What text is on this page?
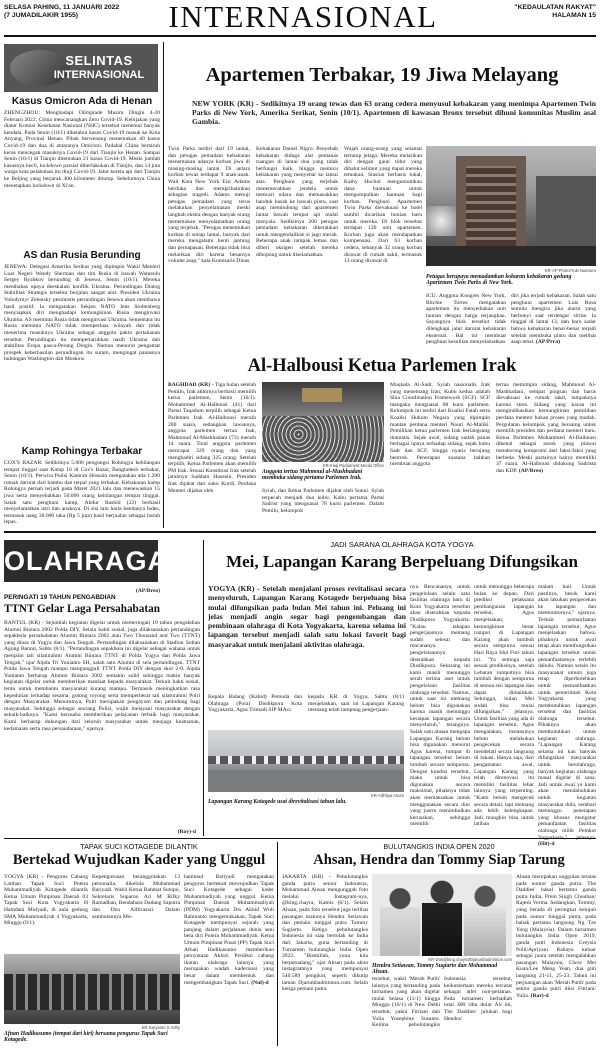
SELASA PAHING, 11 JANUARI 2022
(7 JUMADILAKIR 1955)	INTERNASIONAL	"KEDAULATAN RAKYAT"
HALAMAN 15
SELINTAS
INTERNASIONAL
Kasus Omicron Ada di Henan
ZHENGZHOU: Menghadapi Olimpiade Musim Dingin 4-20 Februari 2022, China mencanangkan Zero Covid-19. Kebijakan yang diatur Komisi Kesehatan Nasional (NHC) tersebut menemui banyak kendala. Pada Senin (10/1) diketahui kasus Covid-19 masuk ke Kota Anyang, Provinsi Henan. Pihak berwenang menemukan 40 kasus Covid-19 dan dua di antaranya Omicron. Padahal China bertaruh keras mencegah masuknya Covid-19 dari Tianjin ke Henan. Sampai Senin (10/1) di Tianjin ditemukan 21 kasus Covid-19. Meski jumlah kasusnya kecil, lockdown parsial diberlakukan di Tianjin, dan 14 juta warga kota pelabuhan itu diuji Covid-19. Jalur kereta api dari Tianjin ke Beijing yang berjarak 400 kilometer ditutup. Sebelumnya China menetapkan lockdown di Xi'an.
AS dan Rusia Berunding
JENEWA: Delegasi Amerika Serikat yang dipimpin Wakil Menteri Luar Negeri Wendy Sherman dan tim Rusia di bawah Wamenlu Sergey Ryabkov berunding di Jenewa, Senin (10/1). Mereka membahas upaya deeskalasi konflik Ukraina. Perundingan Dialog Stabilitas Strategis tersebut berjalan sangat alot. Presiden Ukraina Volodymyr Zelensky pesimistis perundingan Jenewa akan membawa hasil positif. Ia mengatakan Sekjen NATO Jens Stoltenberg menyiapkan diri menghadapi kemungkinan Rusia menginvasi Ukraina. AS meminta Rusia tidak menginvasi Ukraina. Sementara itu Rusia meminta NATO tidak memperluas wilayah dan tidak menerima masuknya Ukraina sebagai anggota pakta pertahanan tersebut. Perundingan itu mempertaruhkan nasib Ukraina dan stabilitas Eropa pasca-Perang Dingin. Namun menurut pengamat prospek keberhasilan perundingan itu suram, mengingat panasnya hubungan Washington dan Moskow.
Kamp Rohingya Terbakar
COX'S BAZAR: Sedikitnya 5.000 pengungsi Rohingya kehilangan tempat tinggal saat Kamp 16 di Cox's Bazar, Bangladesh terbakar, Senin (10/1). Perwira Polisi Kamran Hossain mengatakan ada 1.200 rumah darurat dari bambu dan terpal yang terbakar. Kebakaran kamp Rohingya pernah terjadi pada Maret 2021 lalu dan menewaskan 15 jiwa serta menyebabkan 50.000 orang kehilangan tempat tinggal. Salah satu penghuni kamp, Abdur Rashid (22) berhasil menyelamatkan istri dan anaknya. Di sisi lain harta bendanya ludes, termasuk uang 30.000 taka (Rp 5 juta) hasil berjualan sebagai buruh lepas.
(AP/Breo)
Apartemen Terbakar, 19 Jiwa Melayang
NEW YORK (KR) - Sedikitnya 19 orang tewas dan 63 orang cedera menyusul kebakaran yang menimpa Apartemen Twin Parks di New York, Amerika Serikat, Senin (10/1). Apartemen di kawasan Bronx tersebut dihuni komunitas Muslim asal Gambia.
Twin Parks terdiri dari 19 lantai, dan petugas pemadam kebakaran menemukan adanya korban jiwa di masing-masing lantai. Di antara korban tewas terdapat 9 anak-anak. Wali Kota New York Eric Adams berduka dan memprihatinkan sebagian tragedi. Adams menuji petugas pemadam yang terus melakukan penyelamatan meski langkah ekstra dengan banyak orang menemukan menyelamatkan orang yang terjebak. "Petugas menemukan korban di setiap lantai, banyak dari mereka mengalami henti jantung dan pernapasan. Beberapa tidak bisa melarikan diri karena besarnya volume asap," kata Komisaris Dinas
Kebakaran Daniel Nigro. Penyebab kebakaran diduga alat pemanas ruangan di lantai dua yang tidak berfungsi baik, hingga memicu kebakaran yang menyebar ke lantai atas. Penghuni yang terjebak menemecahkan jendela untuk mencari udara dan memasukkan handuk basah ke bawah pintu, saat asap membubung dari apartemen lantai bawah tempat api mulai menyala. Sedikitnya 200 petugas pemadam kebakaran dikerahkan untuk mengendalikan si jago merah. Beberapa anak tampak lemas dan diberi oksigen setelah mereka dibopong untuk diselamatkan.
Wajah orang-orang yang selamat tertutup jelaga. Mereka melarikan diri dengan gaun tidur yang dibalut selimut yang dapat mereka temukan. Stasiun berbasis lokal, Kathy Hochul mengumumkan dana bantuan untuk mengumpulkan bantuan bagi korban. Penghuni Apartemen Twin Parks dievakuasi ke hotel sambil dicarikan hunian baru untuk mereka. Di blok tersebut terdapat 120 unit apartemen. Korban juga akan mendapatkan kompensasi. Dari 63 korban cedera, sebanyak 32 orang korban dirawat di rumah sakit, termasuk 13 orang dirawat di
KR-AP Photo/Yuki Iwamura
Petugas berupaya memadamkan kobaran kebakaran gedung Apartemen Twin Parks di New York.
ICU. Anggota Kongres New York, Ritchie Torres mengatakan apartemen itu menyediakan unit hunian dengan harga terjangkau. Sayangnya blok tersebut tidak dilengkapi jalur darurat kebakaran eksternal. Hal ini membuat penghuni kesulitan menyelamatkan
diri jika terjadi kebakaran. Salah satu penghuni apartemen Luis Rosa semula mengira jika alarm yang berbunyi saat terdengar sirine. Ia tinggal di lantai 13, dan baru sadar bahwa kebakaran benar-benar terjadi setelah membuka pintu dan melihat asap tebal. (AP/Prra)
Al-Halbousi Ketua Parlemen Irak
BAGHDAD (KR) - Tiga bulan setelah Pemilu, Irak akhirnya berhasil memilih ketua parlemen, Senin (10/1). Mohammed Al-Halbousi (41) dari Partai Taqadum terpilih sebagai Ketua Parlemen Irak. Al-Halbousi meraih 200 suara, sedangkan lawannya, anggota parlemen tertua Irak, Mahmoud Al-Mashhadani (73) meraih 14 suara. Total anggota parlemen mencapai 329 orang dan yang menghadiri sidang 325 orang. Setelah terpilih, Ketua Parlemen akan memilih PM Irak. Sesuai Konstitusi Irak setelah jatuhnya Saddam Hussein, Presiden Irak dijabat dari suku Kurdi, Perdana Menteri dijabat oleh
KR-Iraqi Parliament Media Office
Anggota tertua Mahmoud al-Mashhadani membuka sidang pertama Parlemen Irak.
Syiah, dan Ketua Parlemen dijabat oleh Sunni. Syiah terpecah menjadi dua kubu. Kubu pertama Partai Sadrist yang menguasai 78 kursi parlemen. Dalam Pemilu, kelompok
Moqtada Al-Sadr, Syiah nasionalis Irak yang menentang Iran, Kubu kedua adalah Shia Coordination Framework (SCF). SCF mengaku menguasai 88 kursi parlemen. Kelompok ini terdiri dari Koalisi Fatah serta Koalisi Hukum Negara yang dipimpin mantan perdana menteri Nouri Al-Maliki. Pemilihan ketua parlemen Irak berlangsung dramatis. Sejak awal, sidang sudah panas berbagai upaya terhadap sidang, sejak kubu Sadr dan SCF, hingga nyaris berujung bentrok. Penerapan suasana bahkan membuat anggota
tertua memimpin sidang, Mahmoud Al-Mashhadani, sempat pingsan dan harus dievakuasi ke rumah sakit, tampaknya karena stres. Sidang yang kacau itu mengindikasikan kemungkinan pemilihan perdana menteri bukan proses yang mudah. Pergulatan kelompok yang bersaing untuk memilih presiden dan perdana menteri baru. Ketua Parlemen Mohammed Al-Halbousi dikenal sebagai sosok yang piawai mendorong kompromi dari faksi-faksi yang berbeda. Meski partainya hanya memiliki 37 suara, Al-Halbousi didukung Sadrista dan KDP. (AP/Breo)
OLAHRAGA
PERINGATI 19 TAHUN PENGABDIAN
TTNT Gelar Laga Persahabatan
BANTUL (KR) - Sejumlah kegiatan digelar untuk memeringati 19 tahun pengabdian Alumni Bintara 2002 Polda DIY. Selain bakti sosial, juga dilaksanakan pertandingan sepakbola persahabatan Alumni Bintara 2002 atau Two Thousand and Two (TTNT) yang dinas di Yogya dan Jawa Tengah. Pertandingan dilaksanakan di Stadion Sultan Agung Bantul, Sabtu (8/1). "Pertandingan sepakbola ini digelar sebagai wahana untuk menjalin tali silaturahmi Alumni Bintara TTNT di Polda Yogya dan Polda Jawa Tengah," ujar Aipda Tri Yunianto SH, salah satu Alumni di sela pertandingan. TTNT Polda Jawa Tengah mampu mengungguli TTNT Polda DIY dengan skor 2-0. Aipda Yunianto berharap Alumni Bintara 2002 semakin solid sehingga makin banyak kegiatan digelar untuk memberikan manfaat kepada masyarakat. Terkait bakti sosial, tentu untuk membantu masyarakat kurang mampu. Termasuk meningkatkan rasa kepedulian terhadap sesama, gotong royong serta memperberat tali silaturahmi Polri dengan Masyarakat. Menurutnya, Polri merupakan pengayom dan pelindung bagi masyarakat. Sehingga sebagai seorang Polisi, wajib melayani masyarakat dengan sebaik-baiknya. "Kami berusaha memberikan pelayanan terbaik bagi masyarakat. Kami berharap dukungan dari seluruh masyarakat untuk menjaga keamanan, kedamaian serta rasa persaudaraan," ujarnya.
(Roy)-d
JADI SARANA OLAHRAGA KOTA YOGYA
Mei, Lapangan Karang Berpeluang Difungsikan
YOGYA (KR) - Setelah menjalani proses revitalisasi secara menyeluruh, Lapangan Karang Kotagede berpeluang bisa mulai difungsikan pada bulan Mei tahun ini. Peluang ini jelas menjadi angin segar bagi pengembangan dan pembinaan olahraga di Kota Yogyakarta, karena selama ini lapangan tersebut menjadi salah satu lokasi favorit bagi masyarakat untuk menjalani aktivitas olahraga.
Kepala Bidang (Kabid) Pemuda dan Olahraga (Pora) Disdikpora Kota Yogyakarta, Agus Trimadi SIP MAcc
kepada KR di Yogya, Sabtu (8/1) menjelaskan, saat ini Lapangan Karang memang telah rampung pengerjaan-
KR-Adhitya Anom
Lapangan Karang Kotagede usai direvitalisasi tahun lalu.
nya. Rencananya, untuk pengelolaan selain satu fasilitas olahraga baru di Kota Yogyakarta tersebut akan diserahkan kepada Disdikpora Yogyakarta. "Kalau tahapan pengerjaannya memang sudah selesai dan rencananya pengelolaannya diserahkan kepada Disdikpora. Sekarang ini kami masih menunggu serah terima aset untuk pengelolaan fasilitas olahraga tersebut. Namun, untuk saat ini memang belum bisa digunakan karena masih menunggu kesiapan lapangan secara menyeluruh," terangnya. Salah satu alasan mengapa Lapangan Karang belum bisa digunakan menurut Agus karena, rumput di lapangan tersebut belum tumbuh secara sempurna. Dengan kondisi tersebut, maka untuk bisa digunakan secara maksimal, pihaknya tidak akan memaksakan untuk menggunakan secara dini yang justru menimbulkan kerusakan, sehingga memilih
untuk menunggu beberapa bulan ke depan. Dari prediksi pelaksana pembangunan lapangan tersebut, Agus menjelaskan, kemungkinan besar rumput di Lapangan Karang akan tumbuh secara sempurna sesuai Hari Raya Idul Fitri tahun ini. "Ya semoga saja sesuai prediksinya, setelah Lebaran rumputnya bisa tumbuh dengan sempurna di semua sisi lapangan dan dapat dimainkan. Sehingga, bulan Mei sudah bisa mulai difungsikan," jelasnya. Untuk fasilitas yang ada di lapangan tersebut, Agus mengatakan, instansinya belum melakukan pengecekan secara mendetail secara langsung di lokasi. Hanya saja, dari pengamatan awal, Lapangan Karang yang telah direnovasi itu memiliki fasilitas lebar lainnya yang terpenting. "Kami belum mengecek secara detail, tapi memang ada lebih kelengkapan. Jadi mungkin bisa untuk latihan
malam hari. Untuk pastinya, besok kami akan lakukan pengecekan ke lapangan dan memonitornya," ujarnya. Terkait pemanfaatan lapangan tersebut, Agus menjelaskan bahwa, pihaknya untuk awal tetap akan memfungsikan lapangan tersebut untuk pemanfaatannya terlebih dahulu. Namun selain itu masyarakat umum juga tetap diperbolehkan untuk memanfaatkan untuk pemerintah Kota Yogyakarta yang membutuhkan lapangan tersebut dan fasilitas olahraga tersebut. Pihaknya akan membutuhkan untuk kegiatan olahraga. "Lapangan Karang selama ini kan banyak difungsikan masyarakat untuk berolahraga, banyak kegiatan olahraga masal digelar di sana. Jadi untuk awal ya kami akan mendahulukan untuk kegiatan masyarakat dulu, sembari menunggu penetapan yang khusus mengatur pemanfaatan fasilitas olahraga milik Pemkot (Hit)-d
TAPAK SUCI KOTAGEDE DILANTIK
Bertekad Wujudkan Kader yang Unggul
YOGYA (KR) - Pengurus Cabang Latihan Tapak Suci Putera Muhammadiyah Kotagede dilantik Ketua Umum Pimpinan Daerah 03 Tapak Suci Kota Yogyakarta H Hamdani Mulyadi, di aula gedung SMA Muhammadiyah 4 Yogyakarta, Minggu (9/1).
Kepengurusan beranggotakan 13 personalia, dikelola Muhammad Bariyadi. Wakil Ketua Rahmat Sutopo, Sekretaris Suparno Ari M Rifky Ramadhan, Bendahara Dadang Saputra dan Dzu Alfitrasari. Dalam sambutannya Mu-
hammad Bariyadi mengatakan pengurus bertekad mewujudkan Tapak Suci Kotagede sebagai kader Muhammadiyah yang unggul. Ketua Pimpinan Daerah Muhammadiyah (PDM) Yogyakarta Drs Akhid Widi Rahmanto mengemukakan, Tapak Suci Kotagede mempunyai sejarah yang panjang dalam perjalanan dunia seni bela diri Putera Muhammadiyah. Ketua Umum Pimpinan Pusat (PP) Tapak Suci Afnan Hadikusumo memberikan pernyataan Akhid. Prediksi cabang ikutan olahraga lainnya yang merupakan wadah kaderisasi yang besar dalam membentuk dan mengembangkan Tapak Suci. (Nul)-d
KR-Saryanto S Adhy
Afnan Hadikusumo (tempat dari kiri) bersama pengurus Tapak Suci Kotagede.
BULUTANGKIS INDIA OPEN 2020
Ahsan, Hendra dan Tommy Siap Tarung
JAKARTA (KR) - Pebulutangkis ganda putra senior Indonesia, Mohammad Ahsan mengunggah foto melalui Instagram-nya, @king.chayra, Kamis (6/1). Selain Ahsan, pada foto tersebut juga terlihat pasangan mainnya Hendra Setiawan dan pemain tunggal putra Tommy Sugiarto. Ketiga pebulutangkis Indonesia ini siap bertolak ke India dari Jakarta, guna bertanding di Turnamen bulutangkis India Open 2022. "Bismillah, yuuu kita berpetualang," ujar Ahsan pada akun instagramnya yang mempunyai 540.589 pengikut, seperti dikutip laman Djarumbadminton.com. Selain ketiga pemain putra
KR-Dok@king.chayra/Djarumbadminton.com
Hendra Setiawan, Tommy Sugiarto dan Mohammad Ahsan.
tersebut, wakil 'Merah Putih' lainnya yang bertanding pada turnamen yang akan digelar mulai Selasa (11/1) hingga Minggu (16/1) di New Delhi tersebut, yakni Fitriani dan Yulia Yosephine Susanto. Kelima pebulutangkis Indonesia tersebut, keikutsertaan mereka tercatat sebagai atlet non-pelatnas. Pada turnamen berhadiah total 400 ribu dolar AS ini, The Daddies' julukan bagi Hendra/
Ahsan merupakan unggulan teratas pada nomor ganda putra. The Daddies' bakal bertemu ganda putra India, Prem Singh Chouhan/ Rajesh Verma. Sedangkan, Tommy, yang berada di peringkat ketujuh pada nomor tunggal putra, pada babak pertama langsung Ng Tze Yong (Malaysia). Dalam turnamen bulutangkis India Open 2019, ganda putri Indonesia Greysia Polii/Apriyani Rahayu keluar sebagai juara setelah mengalahkan pasangan Malaysia, Chow Mei Kuan/Lee Meng Yean, dua gim langsung 21-11, 25-23. Tahun ini perjuangan akan 'Merah Putih' pada sektor ganda putri diisi Fitriani/ Yulia. (Rar)-d
